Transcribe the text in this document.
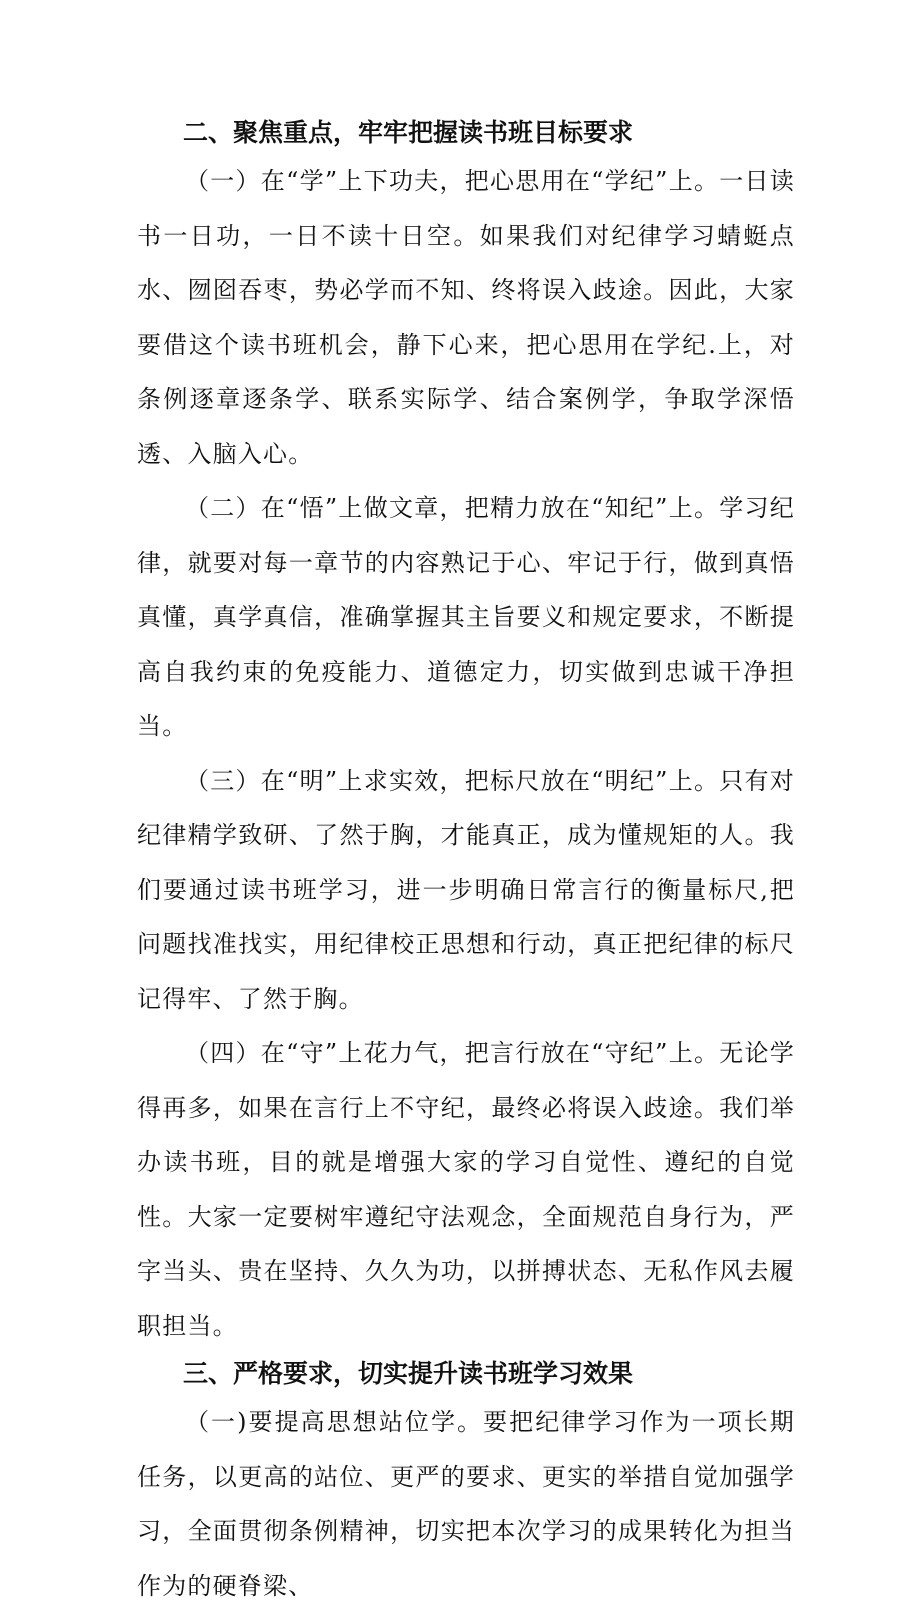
二、聚焦重点，牢牢把握读书班目标要求

（一）在“学”上下功夫，把心思用在“学纪”上。一日读书一日功，一日不读十日空。如果我们对纪律学习蜻蜓点水、囫囵吞枣，势必学而不知、终将误入歧途。因此，大家要借这个读书班机会，静下心来，把心思用在学纪.上，对条例逐章逐条学、联系实际学、结合案例学，争取学深悟透、入脑入心。

（二）在“悟”上做文章，把精力放在“知纪”上。学习纪律，就要对每一章节的内容熟记于心、牢记于行，做到真悟真懂，真学真信，准确掌握其主旨要义和规定要求，不断提高自我约束的免疫能力、道德定力，切实做到忠诚干净担当。

（三）在“明”上求实效，把标尺放在“明纪”上。只有对纪律精学致研、了然于胸，才能真正，成为懂规矩的人。我们要通过读书班学习，进一步明确日常言行的衡量标尺,把问题找准找实，用纪律校正思想和行动，真正把纪律的标尺记得牢、了然于胸。

（四）在“守”上花力气，把言行放在“守纪”上。无论学得再多，如果在言行上不守纪，最终必将误入歧途。我们举办读书班，目的就是增强大家的学习自觉性、遵纪的自觉性。大家一定要树牢遵纪守法观念，全面规范自身行为，严字当头、贵在坚持、久久为功，以拼搏状态、无私作风去履职担当。

三、严格要求，切实提升读书班学习效果

（一)要提高思想站位学。要把纪律学习作为一项长期任务，以更高的站位、更严的要求、更实的举措自觉加强学习，全面贯彻条例精神，切实把本次学习的成果转化为担当作为的硬脊梁、
